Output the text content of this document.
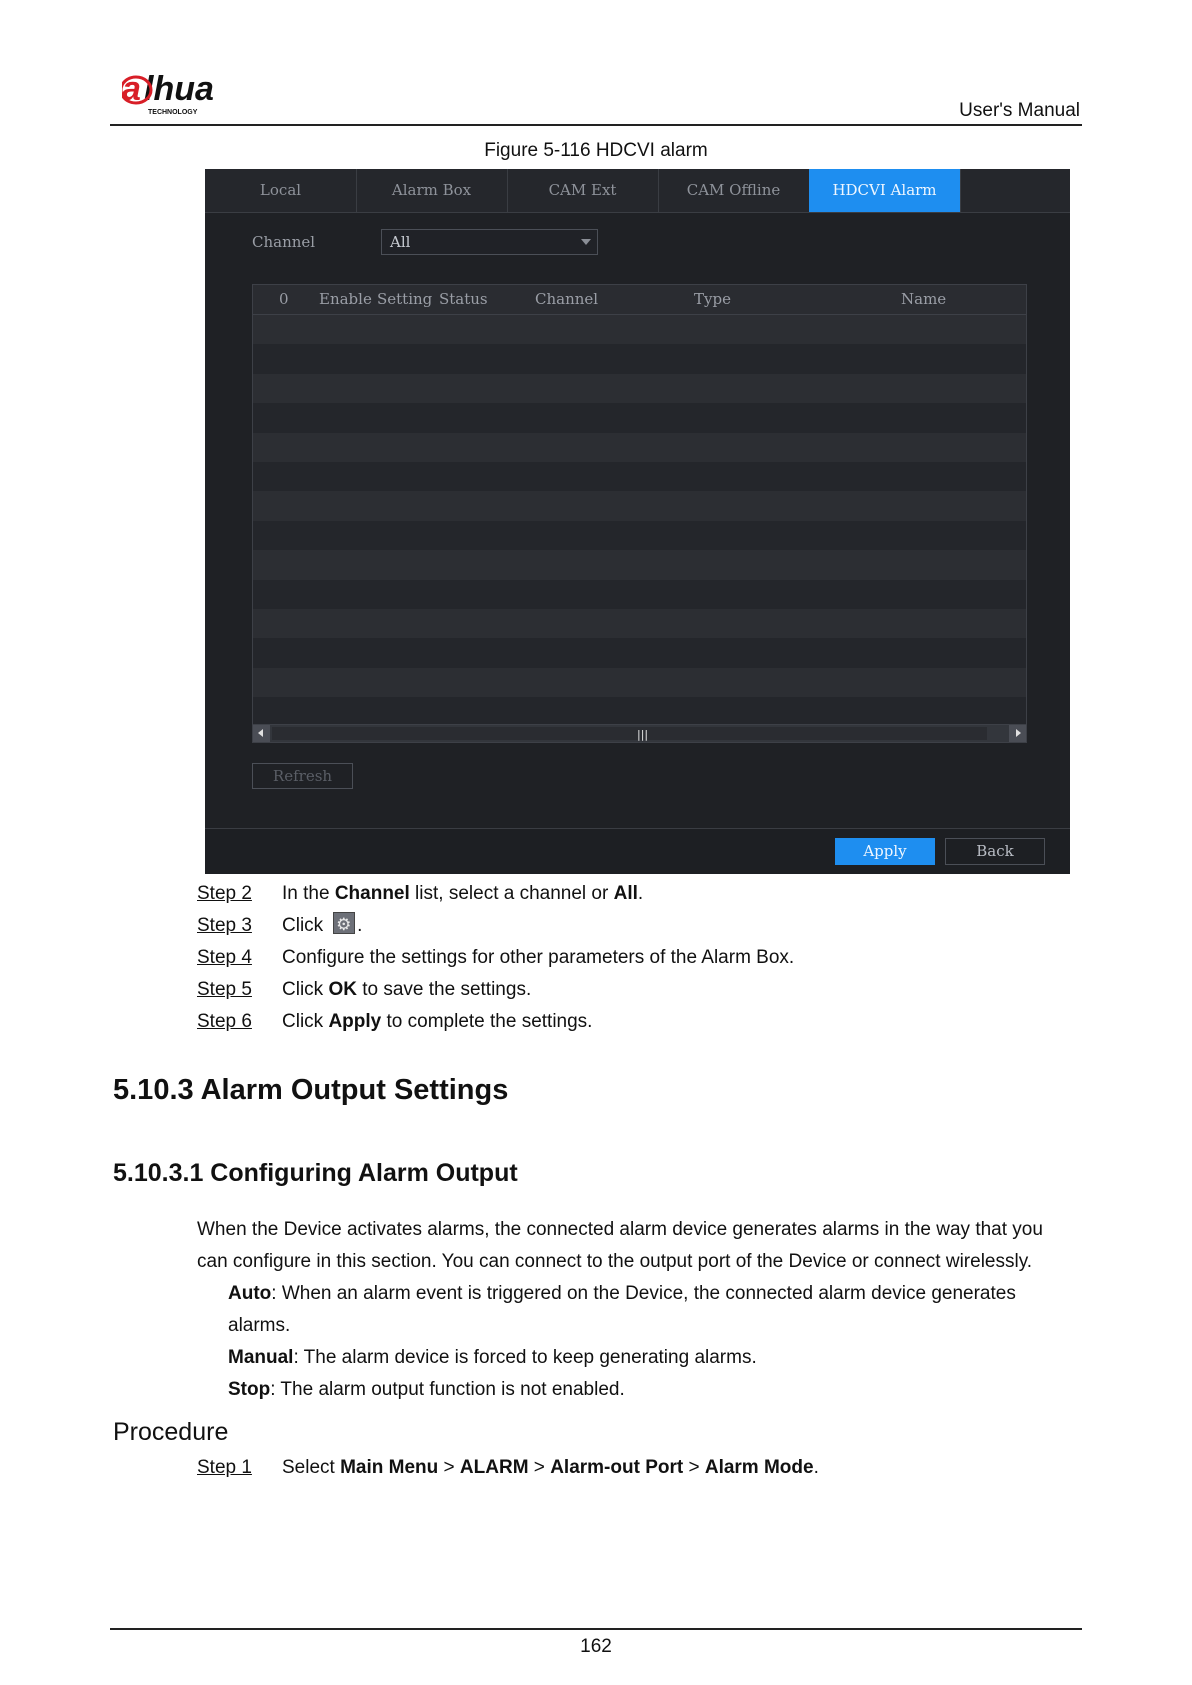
a lhua
TECHNOLOGY	User's Manual
Figure 5-116 HDCVI alarm
Local	Alarm Box	CAM Ext	CAM Offline	HDCVI Alarm
Channel	All
0 Enable Setting Status	Channel	Type	Name
|||
Refresh
Apply	Back
Step 2 In the Channel list, select a channel or All.
Step 3 Click ⚙ .
Step 4 Configure the settings for other parameters of the Alarm Box.
Step 5 Click OK to save the settings.
Step 6 Click Apply to complete the settings.
5.10.3 Alarm Output Settings
5.10.3.1 Configuring Alarm Output
When the Device activates alarms, the connected alarm device generates alarms in the way that you
can configure in this section. You can connect to the output port of the Device or connect wirelessly.

Auto: When an alarm event is triggered on the Device, the connected alarm device generates

alarms.

Manual: The alarm device is forced to keep generating alarms.

Stop: The alarm output function is not enabled.

Procedure
Step 1 Select Main Menu > ALARM > Alarm-out Port > Alarm Mode.
162
